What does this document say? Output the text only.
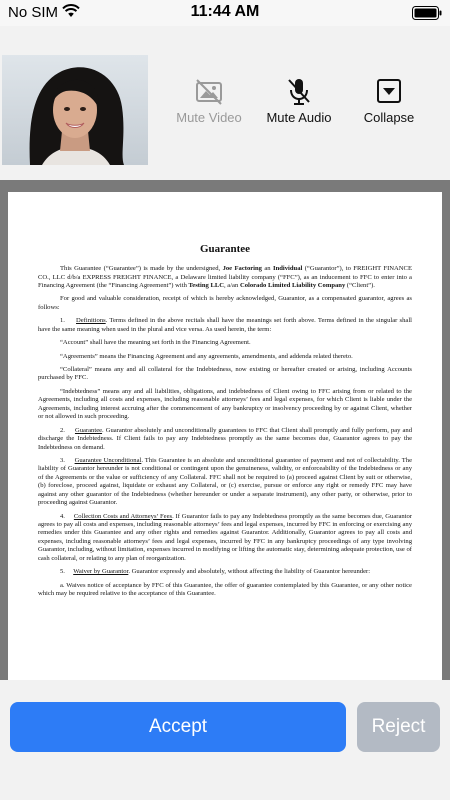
No SIM	11:44 AM
Mute Video	Mute Audio	Collapse
Guarantee

This Guarantee (“Guarantee”) is made by the undersigned, Joe Factoring an Individual (“Guarantor”), to FREIGHT FINANCE CO., LLC d/b/a EXPRESS FREIGHT FINANCE, a Delaware limited liability company (“FFC”), as an inducement to FFC to enter into a Financing Agreement (the “Financing Agreement”) with Testing LLC, a/an Colorado Limited Liability Company (“Client”).

For good and valuable consideration, receipt of which is hereby acknowledged, Guarantor, as a compensated guarantor, agrees as follows:

1. Definitions. Terms defined in the above recitals shall have the meanings set forth above. Terms defined in the singular shall have the same meaning when used in the plural and vice versa. As used herein, the term:

“Account” shall have the meaning set forth in the Financing Agreement.

“Agreements” means the Financing Agreement and any agreements, amendments, and addenda related thereto.

“Collateral” means any and all collateral for the Indebtedness, now existing or hereafter created or arising, including Accounts purchased by FFC.

“Indebtedness” means any and all liabilities, obligations, and indebtedness of Client owing to FFC arising from or related to the Agreements, including all costs and expenses, including reasonable attorneys’ fees and legal expenses, for which Client is liable under the Agreements, including interest accruing after the commencement of any bankruptcy or insolvency proceeding by or against Client, whether or not allowed in such proceeding.

2. Guarantee. Guarantor absolutely and unconditionally guarantees to FFC that Client shall promptly and fully perform, pay and discharge the Indebtedness. If Client fails to pay any Indebtedness promptly as the same becomes due, Guarantor agrees to pay the Indebtedness on demand.

3. Guarantee Unconditional. This Guarantee is an absolute and unconditional guarantee of payment and not of collectability. The liability of Guarantor hereunder is not conditional or contingent upon the genuineness, validity, or enforceability of the Indebtedness or any of the Agreements or the value or sufficiency of any Collateral. FFC shall not be required to (a) proceed against Client by suit or otherwise, (b) foreclose, proceed against, liquidate or exhaust any Collateral, or (c) exercise, pursue or enforce any right or remedy FFC may have against any other guarantor of the Indebtedness (whether hereunder or under a separate instrument), any other party, or otherwise, prior to proceeding against Guarantor.

4. Collection Costs and Attorneys’ Fees. If Guarantor fails to pay any Indebtedness promptly as the same becomes due, Guarantor agrees to pay all costs and expenses, including reasonable attorneys’ fees and legal expenses, incurred by FFC in enforcing or exercising any remedies under this Guarantee and any other rights and remedies against Guarantor. Additionally, Guarantor agrees to pay all costs and expenses, including reasonable attorneys’ fees and legal expenses, incurred by FFC in any bankruptcy proceedings of any type involving Guarantor, including, without limitation, expenses incurred in modifying or lifting the automatic stay, determining adequate protection, use of cash collateral, or relating to any plan of reorganization.

5. Waiver by Guarantor. Guarantor expressly and absolutely, without affecting the liability of Guarantor hereunder:

a. Waives notice of acceptance by FFC of this Guarantee, the offer of guarantee contemplated by this Guarantee, or any other notice which may be required relative to the acceptance of this Guarantee.

Accept	Reject
